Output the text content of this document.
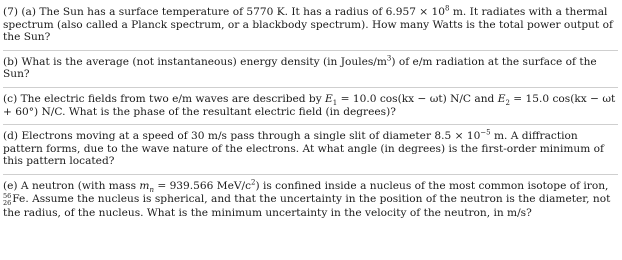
(7) (a) The Sun has a surface temperature of 5770 K. It has a radius of $6.957 \times 10^8$ m. It radiates with a thermal spectrum (also called a Planck spectrum, or a blackbody spectrum). How many Watts is the total power output of the Sun?

(b) What is the average (not instantaneous) energy density (in Joules/$m^3$) of e/m radiation at the surface of the Sun?

(c) The electric fields from two e/m waves are described by $E_1 = 10.0$ cos(kx − ωt) N/C and $E_2 = 15.0$ cos(kx − ωt + 60°) N/C. What is the phase of the resultant electric field (in degrees)?

(d) Electrons moving at a speed of 30 m/s pass through a single slit of diameter $8.5 \times 10^{-5}$ m. A diffraction pattern forms, due to the wave nature of the electrons. At what angle (in degrees) is the first-order minimum of this pattern located?

(e) A neutron (with mass $m_n = 939.566$ MeV/$c^2$) is confined inside a nucleus of the most common isotope of iron,
56
26 Fe. Assume the nucleus is spherical, and that the uncertainty in the position of the neutron is the diameter, not the radius, of the nucleus. What is the minimum uncertainty in the velocity of the neutron, in m/s?
